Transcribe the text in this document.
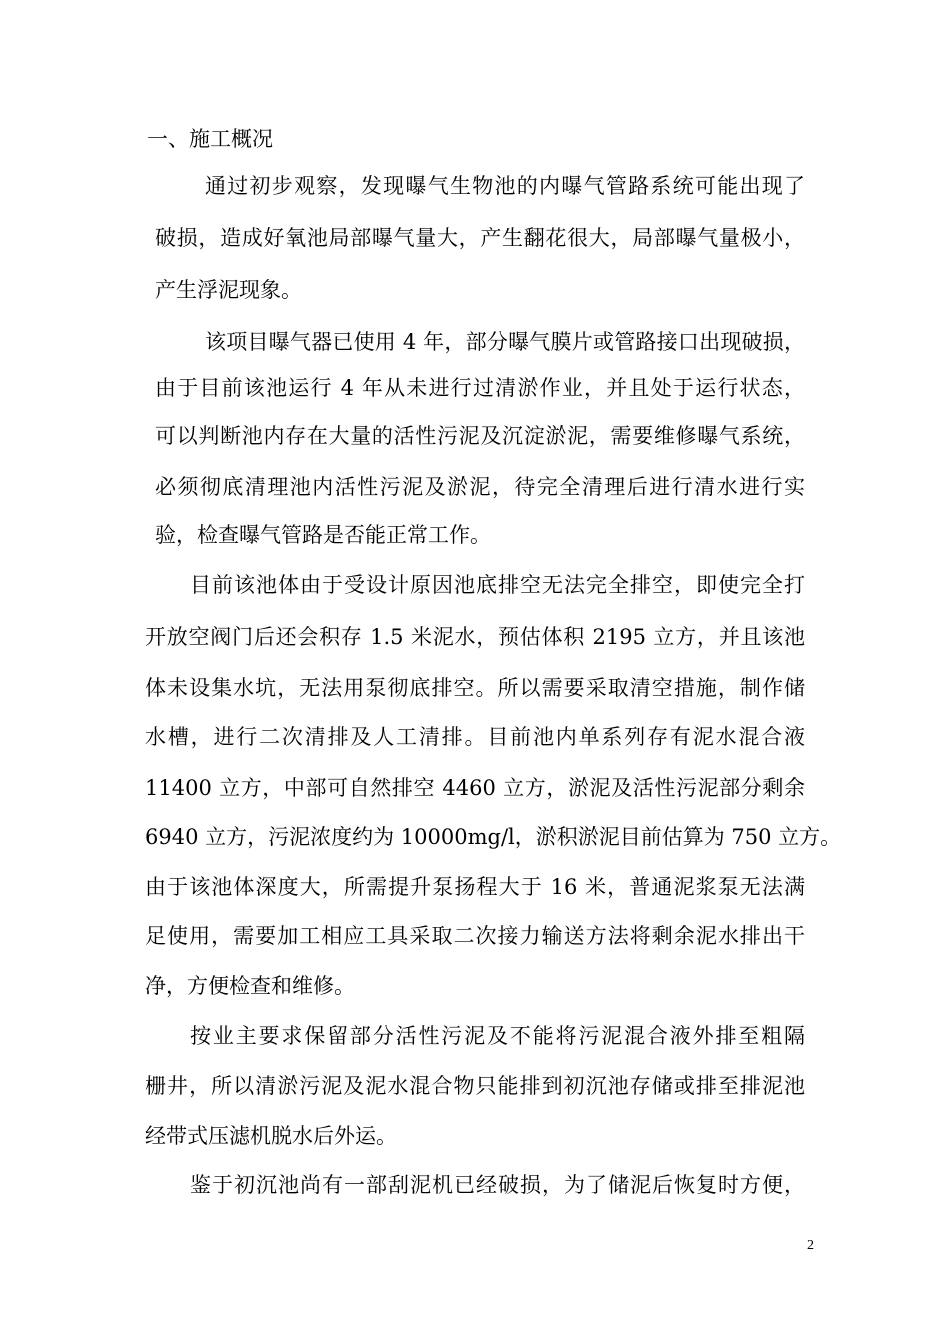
一、施工概况
通过初步观察，发现曝气生物池的内曝气管路系统可能出现了
破损，造成好氧池局部曝气量大，产生翻花很大，局部曝气量极小，
产生浮泥现象。
该项目曝气器已使用 4 年，部分曝气膜片或管路接口出现破损，
由于目前该池运行 4 年从未进行过清淤作业，并且处于运行状态，
可以判断池内存在大量的活性污泥及沉淀淤泥，需要维修曝气系统，
必须彻底清理池内活性污泥及淤泥，待完全清理后进行清水进行实
验，检查曝气管路是否能正常工作。
目前该池体由于受设计原因池底排空无法完全排空，即使完全打
开放空阀门后还会积存 1.5 米泥水，预估体积 2195 立方，并且该池
体未设集水坑，无法用泵彻底排空。所以需要采取清空措施，制作储
水槽，进行二次清排及人工清排。目前池内单系列存有泥水混合液
11400 立方，中部可自然排空 4460 立方，淤泥及活性污泥部分剩余
6940 立方，污泥浓度约为 10000mg/l，淤积淤泥目前估算为 750 立方。
由于该池体深度大，所需提升泵扬程大于 16 米，普通泥浆泵无法满
足使用，需要加工相应工具采取二次接力输送方法将剩余泥水排出干
净，方便检查和维修。
按业主要求保留部分活性污泥及不能将污泥混合液外排至粗隔
栅井，所以清淤污泥及泥水混合物只能排到初沉池存储或排至排泥池
经带式压滤机脱水后外运。
鉴于初沉池尚有一部刮泥机已经破损，为了储泥后恢复时方便，
2
